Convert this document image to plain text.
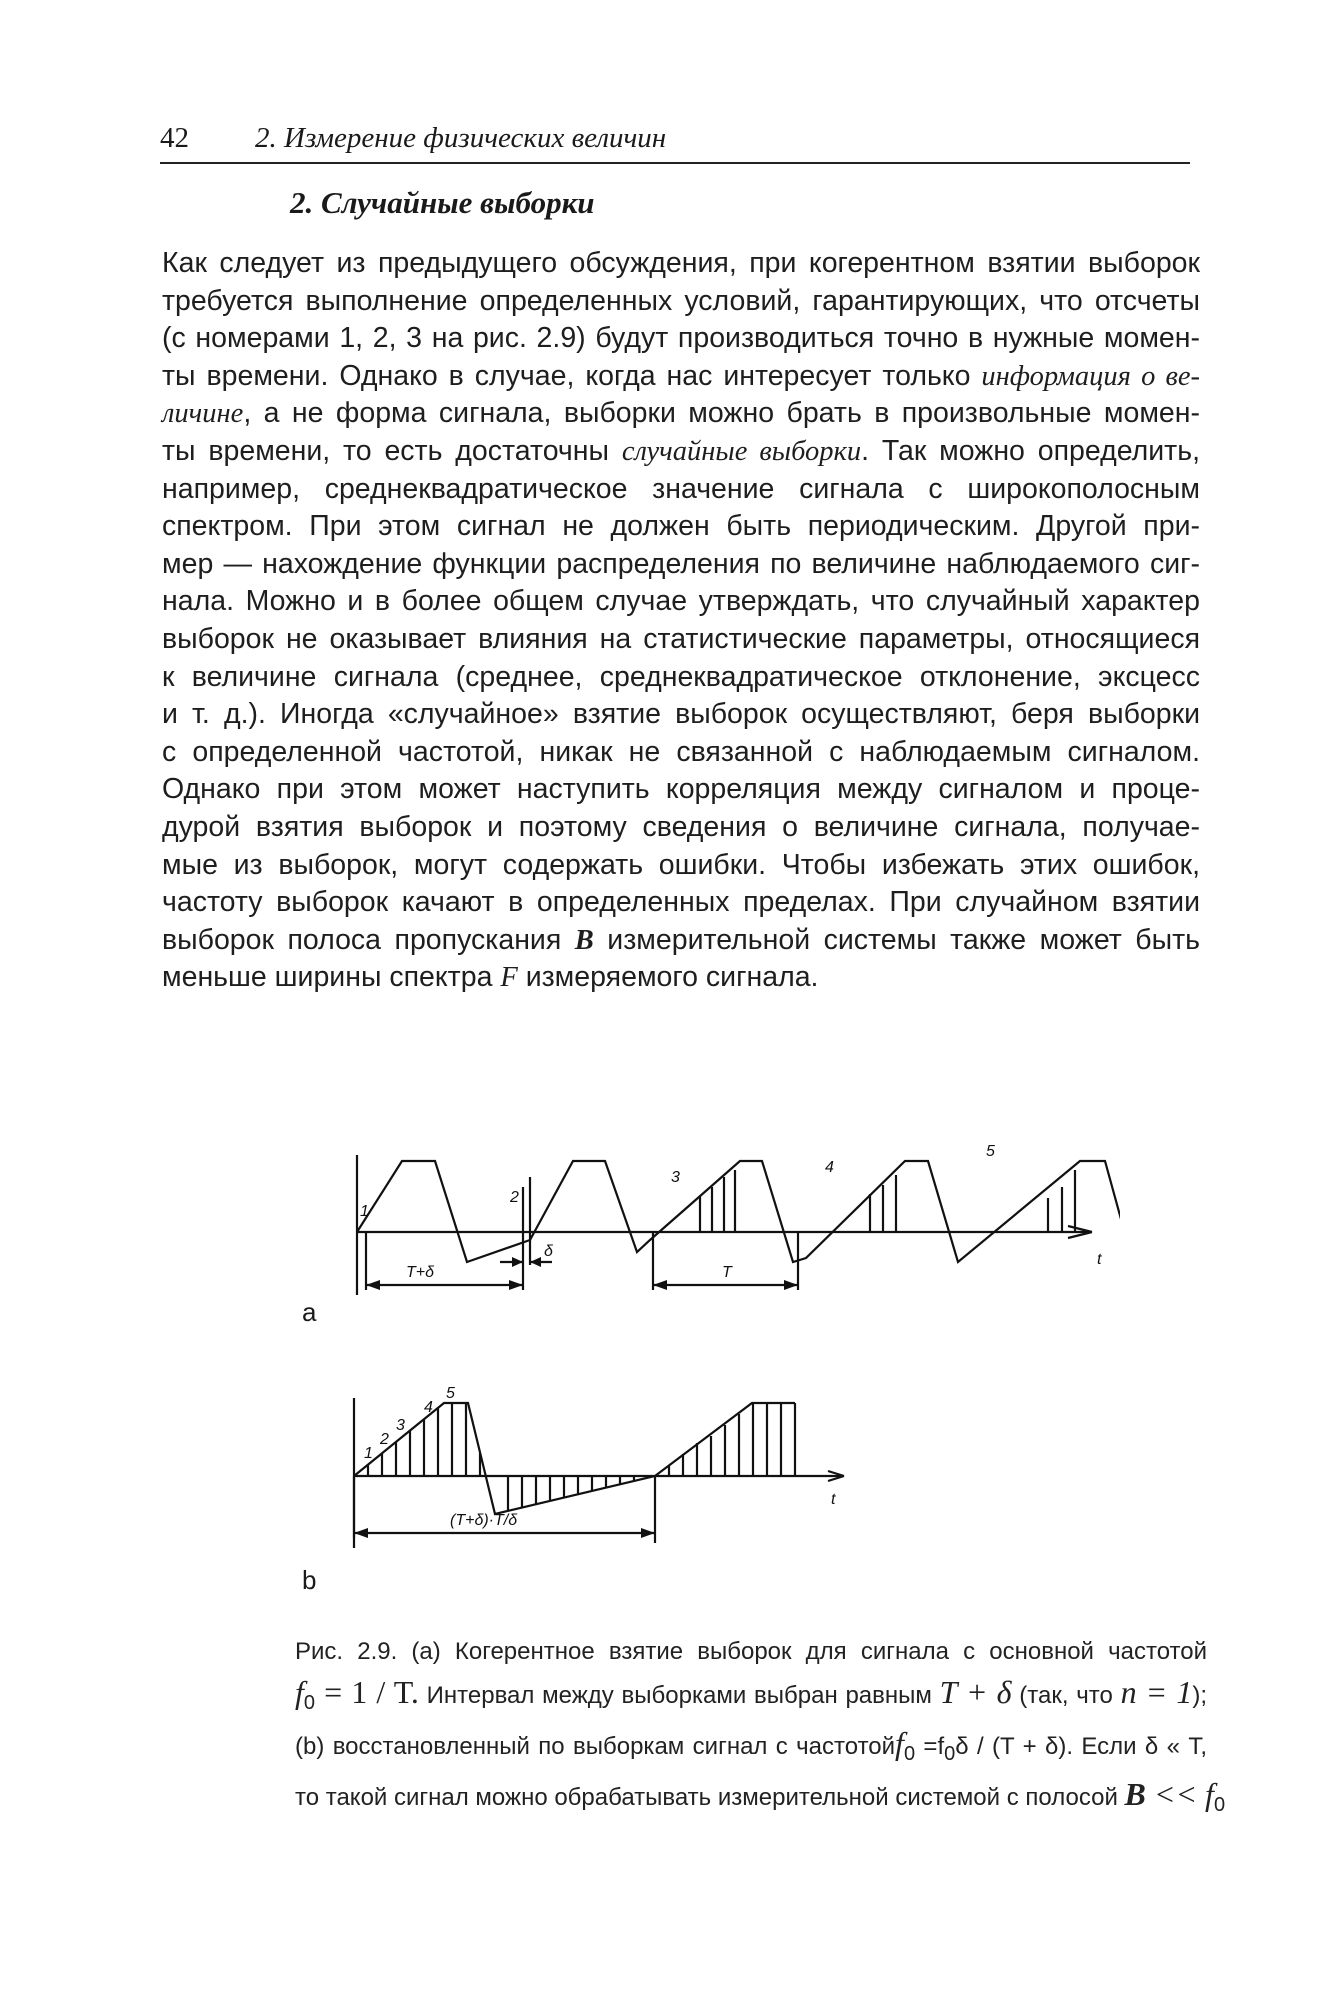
42 2. Измерение физических величин
2. Случайные выборки
Как следует из предыдущего обсуждения, при когерентном взятии выборок
требуется выполнение определенных условий, гарантирующих, что отсчеты
(с номерами 1, 2, 3 на рис. 2.9) будут производиться точно в нужные момен-
ты времени. Однако в случае, когда нас интересует только информация о ве-
личине, а не форма сигнала, выборки можно брать в произвольные момен-
ты времени, то есть достаточны случайные выборки. Так можно определить,
например, среднеквадратическое значение сигнала с широкополосным
спектром. При этом сигнал не должен быть периодическим. Другой при-
мер — нахождение функции распределения по величине наблюдаемого сиг-
нала. Можно и в более общем случае утверждать, что случайный характер
выборок не оказывает влияния на статистические параметры, относящиеся
к величине сигнала (среднее, среднеквадратическое отклонение, эксцесс
и т. д.). Иногда «случайное» взятие выборок осуществляют, беря выборки
с определенной частотой, никак не связанной с наблюдаемым сигналом.
Однако при этом может наступить корреляция между сигналом и проце-
дурой взятия выборок и поэтому сведения о величине сигнала, получае-
мые из выборок, могут содержать ошибки. Чтобы избежать этих ошибок,
частоту выборок качают в определенных пределах. При случайном взятии
выборок полоса пропускания B измерительной системы также может быть
меньше ширины спектра F измеряемого сигнала.
1
2
3
4
5
T+δ
δ
T
t
a
1
2
3
4
5
(T+δ)·T/δ
t
b
Рис. 2.9. (a) Когерентное взятие выборок для сигнала с основной частотой
$f_0 = 1 / T$. Интервал между выборками выбран равным T + δ (так, что n = 1);
(b) восстановленный по выборкам сигнал с частотойf$_0$ $=f_0\delta / (T + \delta)$. Если δ « T,
то такой сигнал можно обрабатывать измерительной системой с полосой $B << f_0$
